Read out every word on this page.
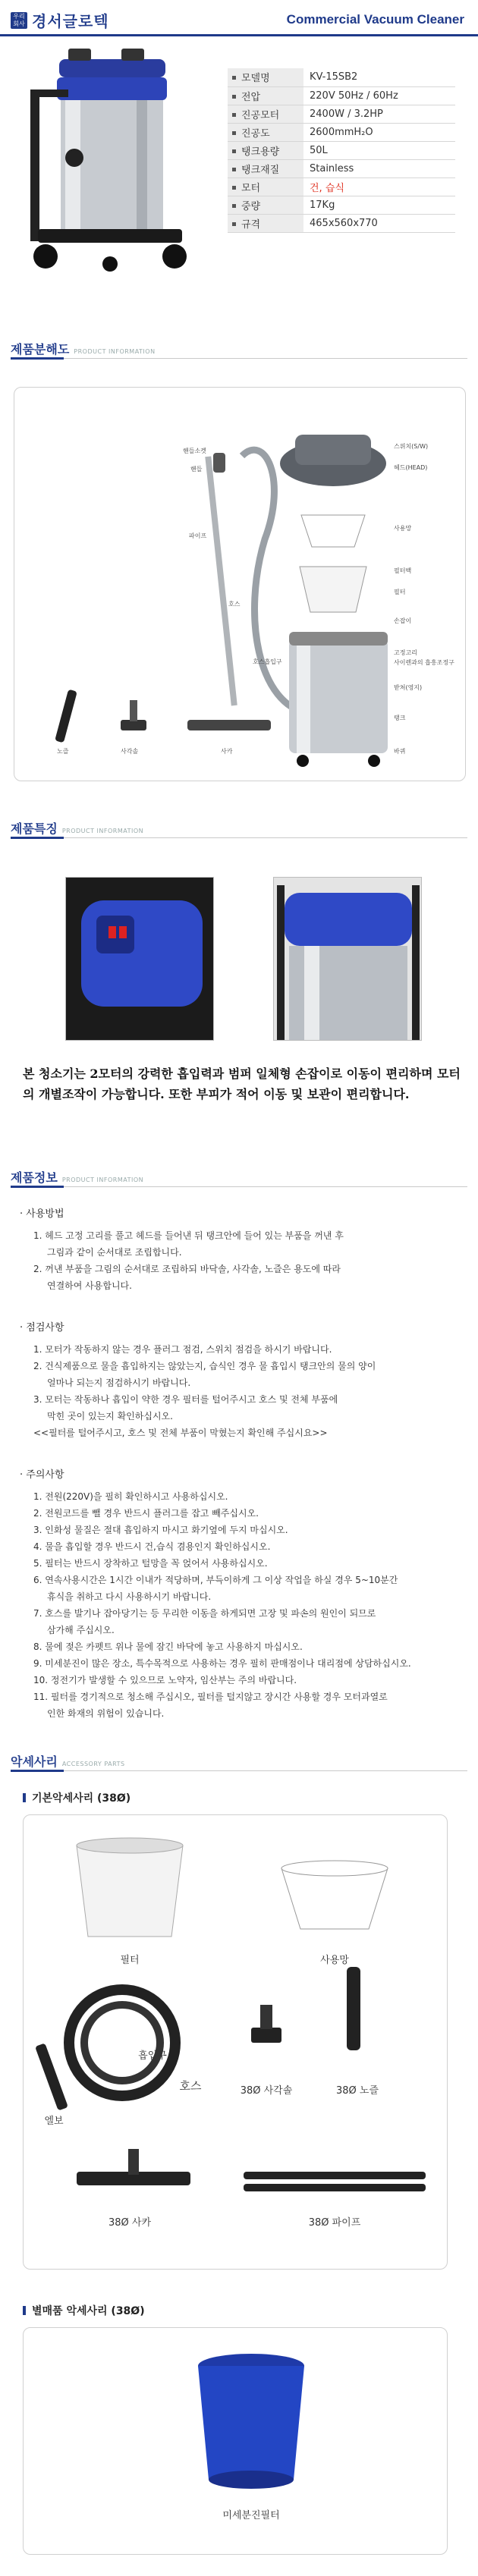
우리 회사 경서글로텍	Commercial Vacuum Cleaner
모델명	KV-15SB2
전압	220V 50Hz / 60Hz
진공모터	2400W / 3.2HP
진공도	2600mmH₂O
탱크용량	50L
탱크재질	Stainless
모터	건, 습식
중량	17Kg
규격	465x560x770
제품분해도 PRODUCT INFORMATION
핸들소켓
핸들
파이프
호스
호스흡입구
노즐	사각솔	사카
스위치(S/W)
헤드(HEAD)
사용망
필터백
필터
손잡이
고정고리
사이렌과의 흡흥조정구
받쳐(영지)
탱크
바퀴
제품특징 PRODUCT INFORMATION
본 청소기는 2모터의 강력한 흡입력과 범퍼 일체형 손잡이로 이동이 편리하며 모터의 개별조작이 가능합니다. 또한 부피가 적어 이동 및 보관이 편리합니다.
제품정보 PRODUCT INFORMATION
· 사용방법

1. 헤드 고정 고리를 풀고 헤드를 들어낸 뒤 탱크안에 들어 있는 부품을 꺼낸 후

그림과 같이 순서대로 조립합니다.

2. 꺼낸 부품을 그림의 순서대로 조립하되 바닥솔, 사각솔, 노즐은 용도에 따라

연결하여 사용합니다.

· 점검사항

1. 모터가 작동하지 않는 경우 플러그 점검, 스위치 점검을 하시기 바랍니다.

2. 건식제품으로 물을 흡입하지는 않았는지, 습식인 경우 물 흡입시 탱크안의 물의 양이

얼마나 되는지 점검하시기 바랍니다.

3. 모터는 작동하나 흡입이 약한 경우 필터를 털어주시고 호스 및 전체 부품에

막힌 곳이 있는지 확인하십시오.

<<필터를 털어주시고, 호스 및 전체 부품이 막혔는지 확인해 주십시요>>

· 주의사항

1. 전원(220V)을 필히 확인하시고 사용하십시오.

2. 전원코드를 뺄 경우 반드시 플러그를 잡고 빼주십시오.

3. 인화성 물질은 절대 흡입하지 마시고 화기옆에 두지 마십시오.

4. 물을 흡입할 경우 반드시 건,습식 겸용인지 확인하십시오.

5. 필터는 반드시 장착하고 털망을 꼭 얹어서 사용하십시오.

6. 연속사용시간은 1시간 이내가 적당하며, 부득이하게 그 이상 작업을 하실 경우 5~10분간

휴식을 취하고 다시 사용하시기 바랍니다.

7. 호스를 발기나 잡아당기는 등 무리한 이동을 하게되면 고장 및 파손의 원인이 되므로

삼가해 주십시오.

8. 물에 젖은 카펫트 위나 물에 잠긴 바닥에 놓고 사용하지 마십시오.

9. 미세분진이 많은 장소, 특수목적으로 사용하는 경우 필히 판매점이나 대리점에 상담하십시오.

10. 정전기가 발생할 수 있으므로 노약자, 임산부는 주의 바랍니다.

11. 필터를 경기적으로 청소해 주십시오, 필터를 털지않고 장시간 사용할 경우 모터과열로

인한 화재의 위험이 있습니다.

악세사리 ACCESSORY PARTS
기본악세사리 (38Ø)
필터	사용망
흡입구
호스
엘보
38Ø 사각솔	38Ø 노즐
38Ø 사카	38Ø 파이프
별매품 악세사리 (38Ø)
미세분진필터
